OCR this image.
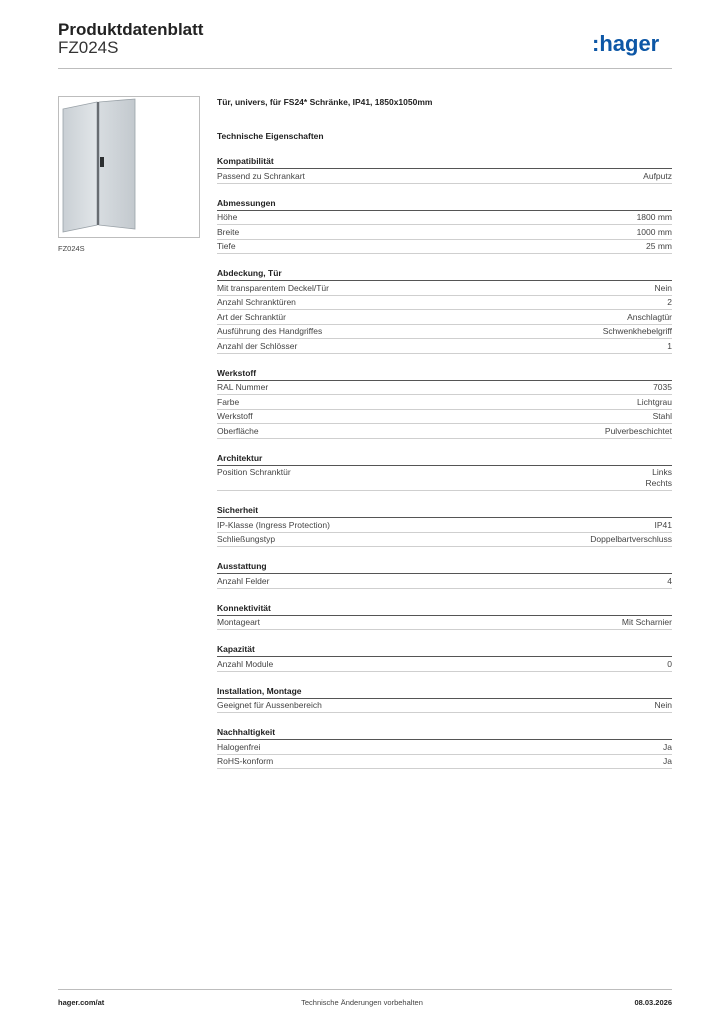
Produktdatenblatt
FZ024S	:hager
FZ024S
Tür, univers, für FS24* Schränke, IP41, 1850x1050mm
Technische Eigenschaften
Kompatibilität
Passend zu Schrankart	Aufputz
Abmessungen
Höhe	1800 mm
Breite	1000 mm
Tiefe	25 mm
Abdeckung, Tür
Mit transparentem Deckel/Tür	Nein
Anzahl Schranktüren	2
Art der Schranktür	Anschlagtür
Ausführung des Handgriffes	Schwenkhebelgriff
Anzahl der Schlösser	1
Werkstoff
RAL Nummer	7035
Farbe	Lichtgrau
Werkstoff	Stahl
Oberfläche	Pulverbeschichtet
Architektur
Position Schranktür	Links
Rechts
Sicherheit
IP-Klasse (Ingress Protection)	IP41
Schließungstyp	Doppelbartverschluss
Ausstattung
Anzahl Felder	4
Konnektivität
Montageart	Mit Scharnier
Kapazität
Anzahl Module	0
Installation, Montage
Geeignet für Aussenbereich	Nein
Nachhaltigkeit
Halogenfrei	Ja
RoHS-konform	Ja
hager.com/at	Technische Änderungen vorbehalten	08.03.2026
